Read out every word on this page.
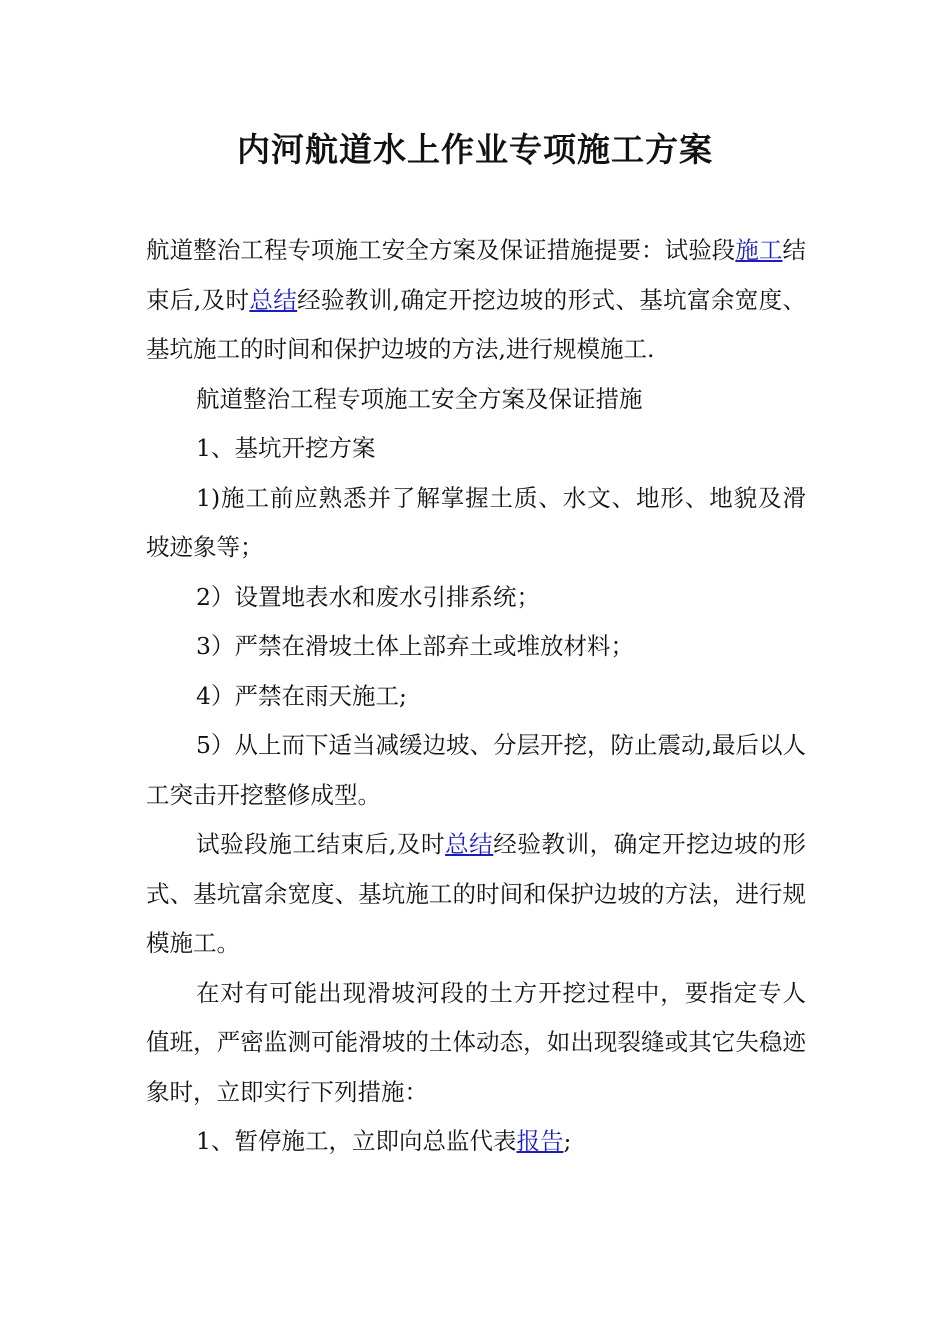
内河航道水上作业专项施工方案

航道整治工程专项施工安全方案及保证措施提要：试验段施工结束后,及时总结经验教训,确定开挖边坡的形式、基坑富余宽度、基坑施工的时间和保护边坡的方法,进行规模施工.

航道整治工程专项施工安全方案及保证措施

1、基坑开挖方案

1)施工前应熟悉并了解掌握土质、水文、地形、地貌及滑坡迹象等；

2）设置地表水和废水引排系统；

3）严禁在滑坡土体上部弃土或堆放材料；

4）严禁在雨天施工;

5）从上而下适当减缓边坡、分层开挖，防止震动,最后以人工突击开挖整修成型。

试验段施工结束后,及时总结经验教训，确定开挖边坡的形式、基坑富余宽度、基坑施工的时间和保护边坡的方法，进行规模施工。

在对有可能出现滑坡河段的土方开挖过程中，要指定专人值班，严密监测可能滑坡的土体动态，如出现裂缝或其它失稳迹象时，立即实行下列措施：

1、暂停施工，立即向总监代表报告;
